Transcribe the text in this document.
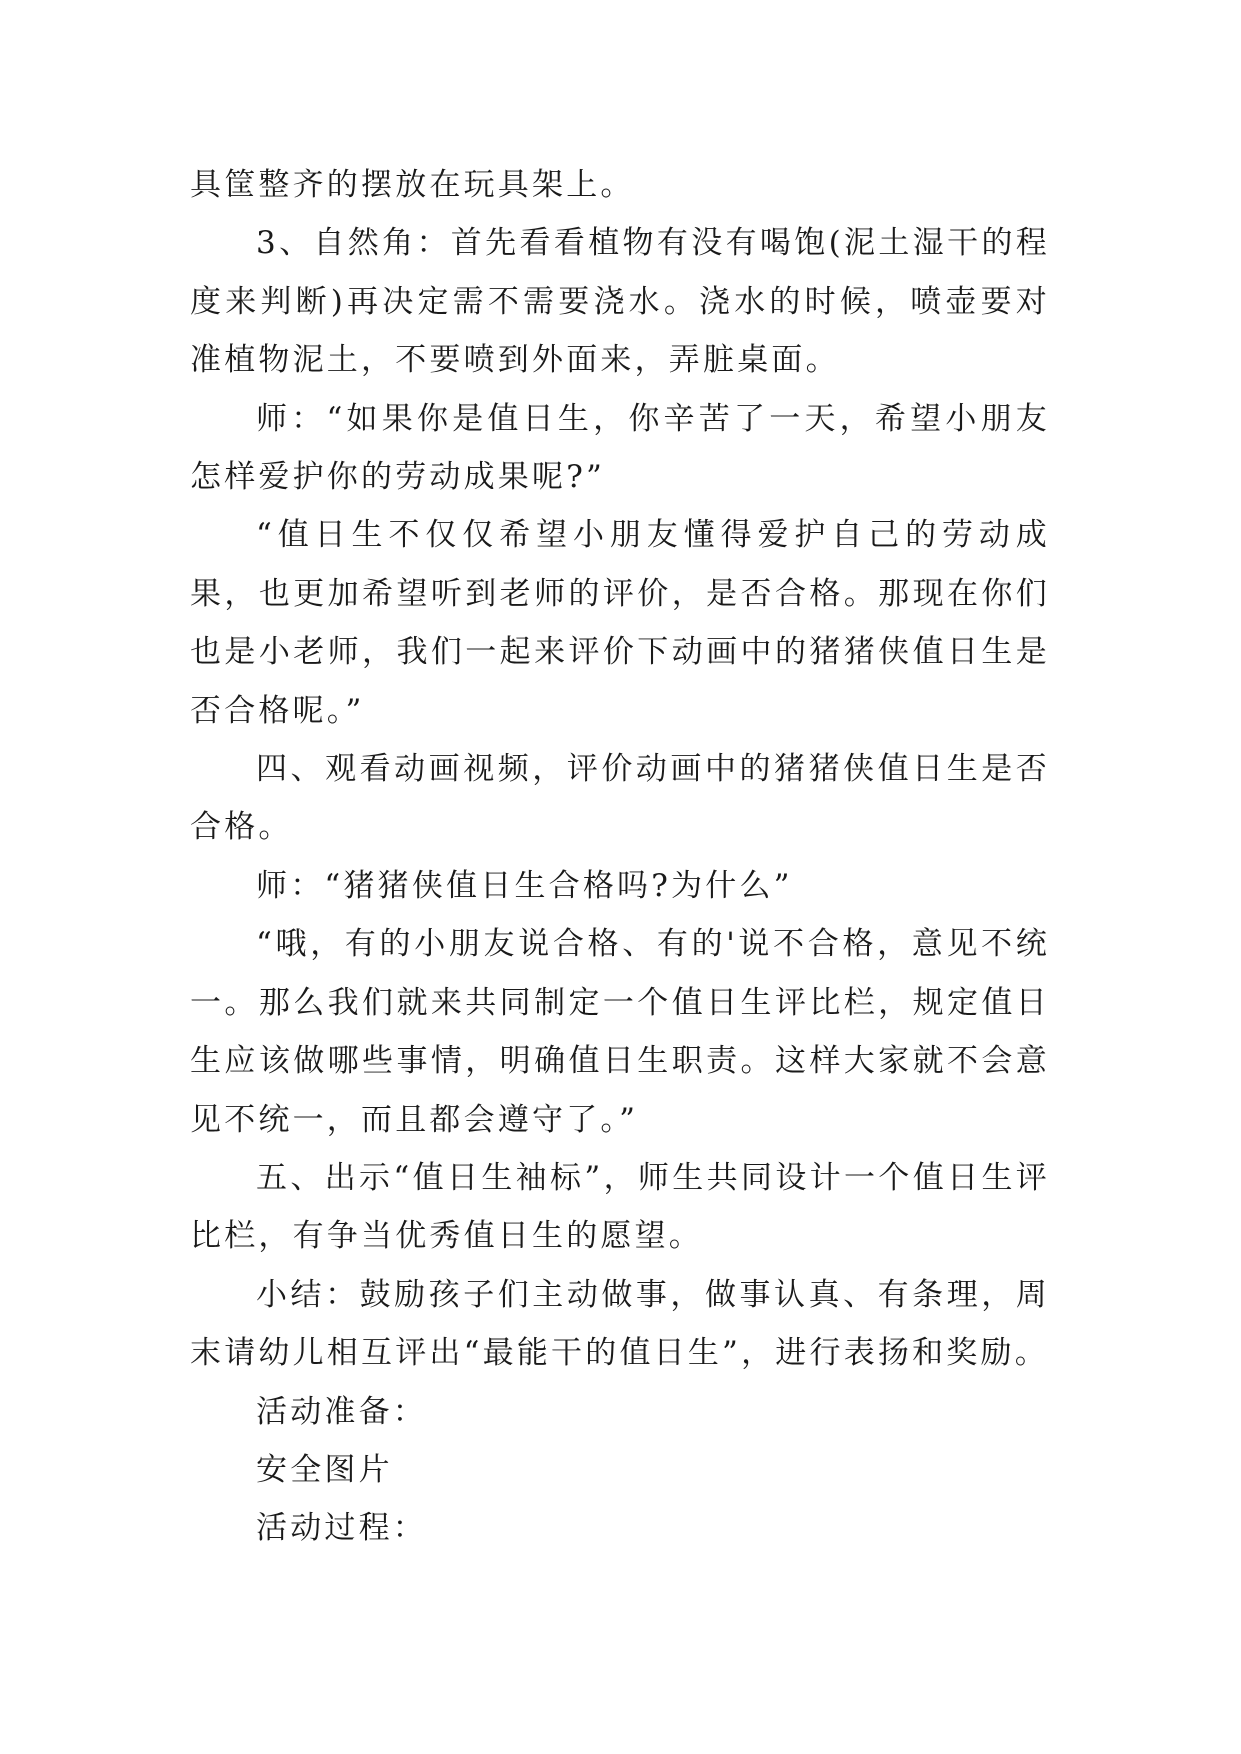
具筐整齐的摆放在玩具架上。

3、自然角：首先看看植物有没有喝饱(泥土湿干的程度来判断)再决定需不需要浇水。浇水的时候，喷壶要对准植物泥土，不要喷到外面来，弄脏桌面。

师：“如果你是值日生，你辛苦了一天，希望小朋友怎样爱护你的劳动成果呢?”

“值日生不仅仅希望小朋友懂得爱护自己的劳动成果，也更加希望听到老师的评价，是否合格。那现在你们也是小老师，我们一起来评价下动画中的猪猪侠值日生是否合格呢。”

四、观看动画视频，评价动画中的猪猪侠值日生是否合格。

师：“猪猪侠值日生合格吗?为什么”

“哦，有的小朋友说合格、有的'说不合格，意见不统一。那么我们就来共同制定一个值日生评比栏，规定值日生应该做哪些事情，明确值日生职责。这样大家就不会意见不统一，而且都会遵守了。”

五、出示“值日生袖标”，师生共同设计一个值日生评比栏，有争当优秀值日生的愿望。

小结：鼓励孩子们主动做事，做事认真、有条理，周末请幼儿相互评出“最能干的值日生”，进行表扬和奖励。

活动准备：

安全图片

活动过程：
